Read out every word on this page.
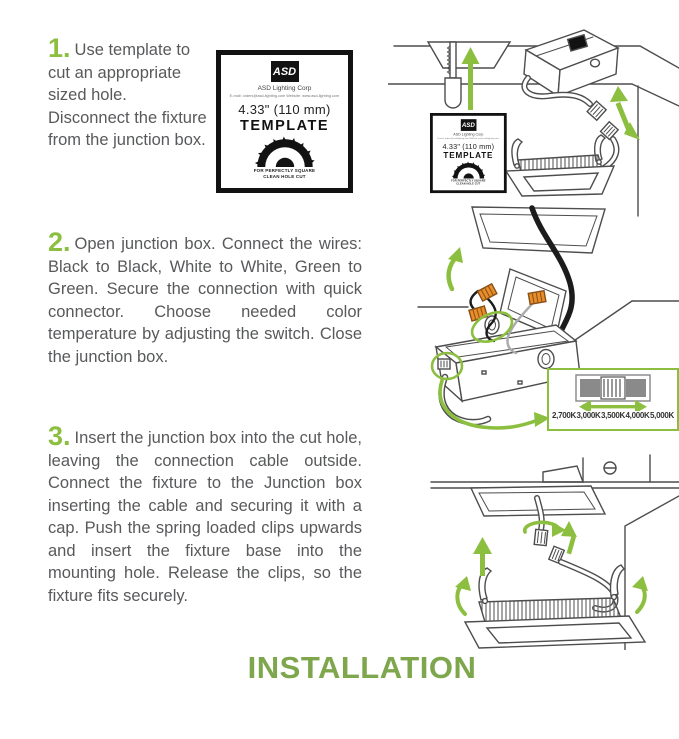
1. Use template to cut an appropriate sized hole. Disconnect the fixture from the junction box.

2. Open junction box. Connect the wires: Black to Black, White to White, Green to Green. Secure the connection with quick connector. Choose needed color temperature by adjusting the switch. Close the junction box.

3. Insert the junction box into the cut hole, leaving the connection cable outside. Connect the fixture to the Junction box inserting the cable and securing it with a cap. Push the spring loaded clips upwards and insert the fixture base into the mounting hole. Release the clips, so the fixture fits securely.

ASD
ASD Lighting Corp
E-mail: orders@asd-lighting.com Website: www.asd-lighting.com
4.33" (110 mm)
TEMPLATE
FOR PERFECTLY SQUARE
CLEAN HOLE CUT
ASD
ASD Lighting Corp
E-mail: orders@asd-lighting.com Website: www.asd-lighting.com
4.33" (110 mm)
TEMPLATE
FOR PERFECTLY SQUARE
CLEAN HOLE CUT
2,700K 3,000K 3,500K 4,000K 5,000K
INSTALLATION
